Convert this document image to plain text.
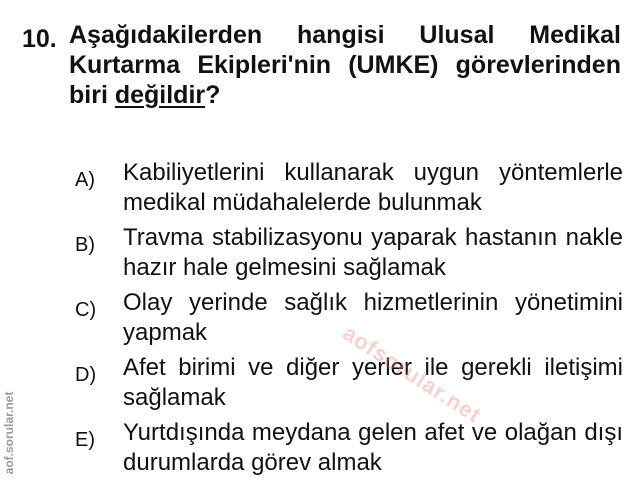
10. Aşağıdakilerden hangisi Ulusal Medikal Kurtarma Ekipleri'nin (UMKE) görevlerinden biri değildir?
A) Kabiliyetlerini kullanarak uygun yöntemlerle medikal müdahalelerde bulunmak
B) Travma stabilizasyonu yaparak hastanın nakle hazır hale gelmesini sağlamak
C) Olay yerinde sağlık hizmetlerinin yönetimini yapmak
D) Afet birimi ve diğer yerler ile gerekli iletişimi sağlamak
E) Yurtdışında meydana gelen afet ve olağan dışı durumlarda görev almak
aofsorular.net
aof.sorular.net
